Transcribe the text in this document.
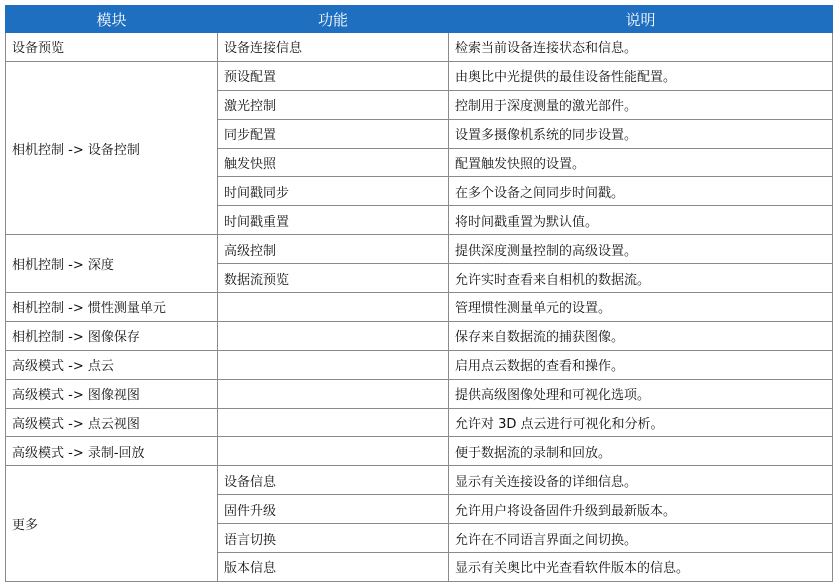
模块	功能	说明
设备预览	设备连接信息	检索当前设备连接状态和信息。
相机控制 -> 设备控制	预设配置	由奥比中光提供的最佳设备性能配置。
	激光控制	控制用于深度测量的激光部件。
	同步配置	设置多摄像机系统的同步设置。
	触发快照	配置触发快照的设置。
	时间戳同步	在多个设备之间同步时间戳。
	时间戳重置	将时间戳重置为默认值。
相机控制 -> 深度	高级控制	提供深度测量控制的高级设置。
	数据流预览	允许实时查看来自相机的数据流。
相机控制 -> 惯性测量单元		管理惯性测量单元的设置。
相机控制 -> 图像保存		保存来自数据流的捕获图像。
高级模式 -> 点云		启用点云数据的查看和操作。
高级模式 -> 图像视图		提供高级图像处理和可视化选项。
高级模式 -> 点云视图		允许对 3D 点云进行可视化和分析。
高级模式 -> 录制-回放		便于数据流的录制和回放。
更多	设备信息	显示有关连接设备的详细信息。
	固件升级	允许用户将设备固件升级到最新版本。
	语言切换	允许在不同语言界面之间切换。
	版本信息	显示有关奥比中光查看软件版本的信息。
